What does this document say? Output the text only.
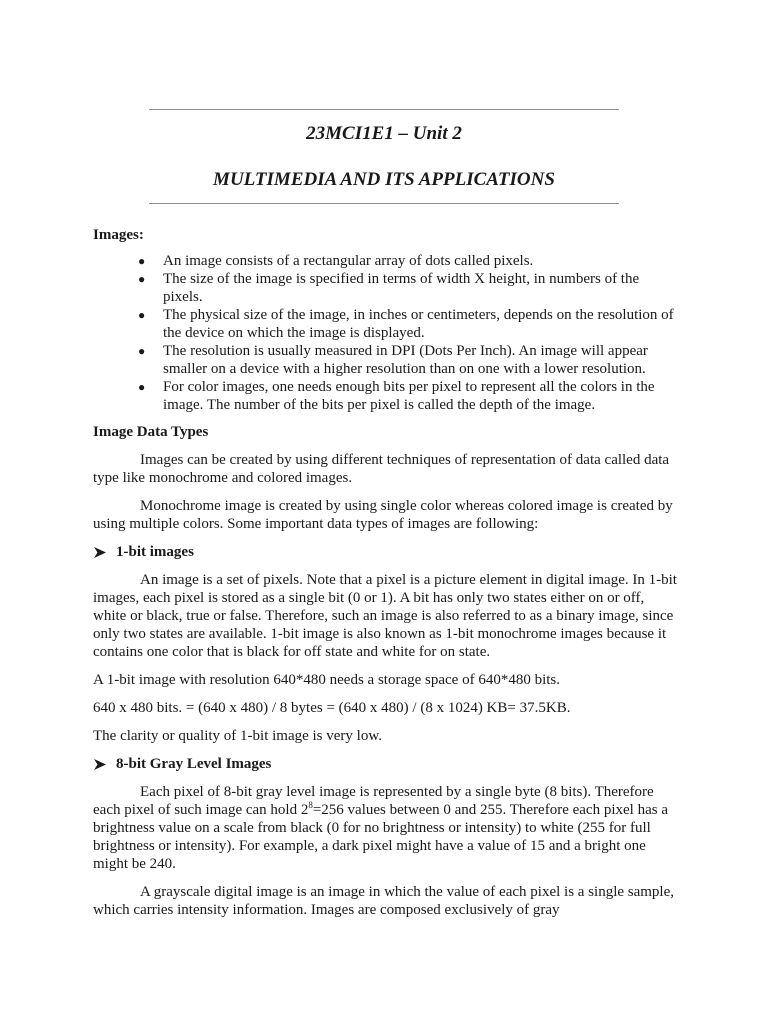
23MCI1E1 – Unit 2
MULTIMEDIA AND ITS APPLICATIONS

Images:

● An image consists of a rectangular array of dots called pixels.
● The size of the image is specified in terms of width X height, in numbers of the pixels.
● The physical size of the image, in inches or centimeters, depends on the resolution of the device on which the image is displayed.
● The resolution is usually measured in DPI (Dots Per Inch). An image will appear smaller on a device with a higher resolution than on one with a lower resolution.
● For color images, one needs enough bits per pixel to represent all the colors in the image. The number of the bits per pixel is called the depth of the image.

Image Data Types

Images can be created by using different techniques of representation of data called data type like monochrome and colored images.

Monochrome image is created by using single color whereas colored image is created by using multiple colors. Some important data types of images are following:

1-bit images

An image is a set of pixels. Note that a pixel is a picture element in digital image. In 1-bit images, each pixel is stored as a single bit (0 or 1). A bit has only two states either on or off, white or black, true or false. Therefore, such an image is also referred to as a binary image, since only two states are available. 1-bit image is also known as 1-bit monochrome images because it contains one color that is black for off state and white for on state.

A 1-bit image with resolution 640*480 needs a storage space of 640*480 bits.

640 x 480 bits. = (640 x 480) / 8 bytes = (640 x 480) / (8 x 1024) KB= 37.5KB.

The clarity or quality of 1-bit image is very low.

8-bit Gray Level Images

Each pixel of 8-bit gray level image is represented by a single byte (8 bits). Therefore each pixel of such image can hold $2^8=256$ values between 0 and 255. Therefore each pixel has a brightness value on a scale from black (0 for no brightness or intensity) to white (255 for full brightness or intensity). For example, a dark pixel might have a value of 15 and a bright one might be 240.

A grayscale digital image is an image in which the value of each pixel is a single sample, which carries intensity information. Images are composed exclusively of gray
